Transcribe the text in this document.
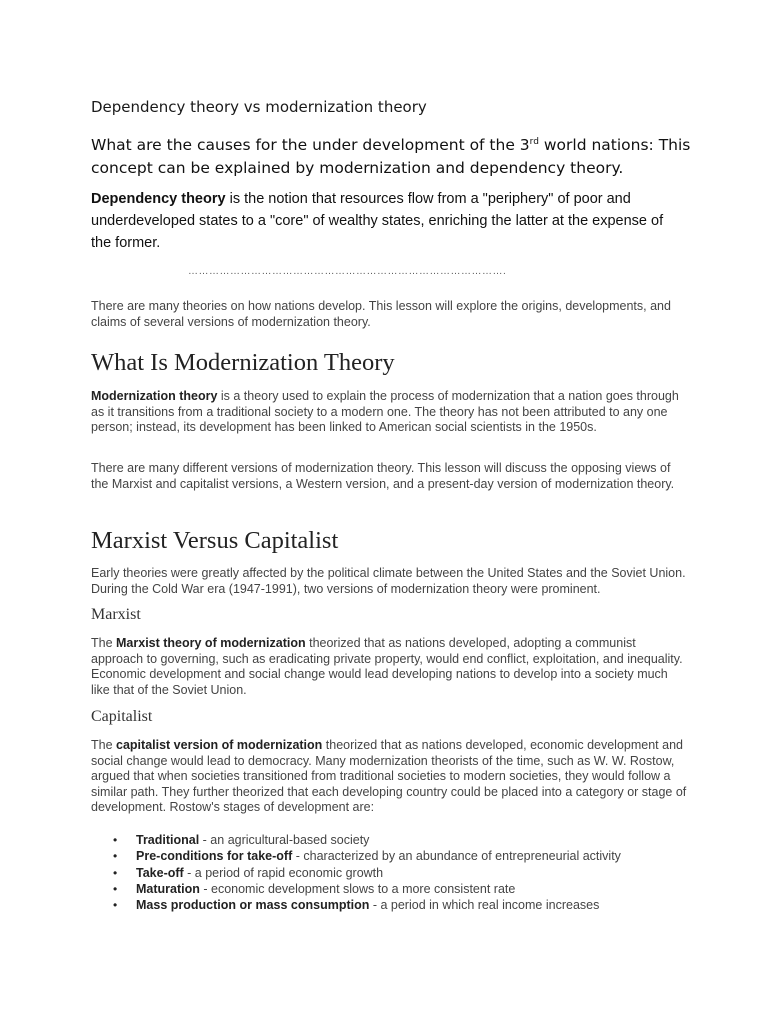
Dependency theory vs modernization theory
What are the causes for the under development of the 3rd world nations: This concept can be explained by modernization and dependency theory.
Dependency theory is the notion that resources flow from a "periphery" of poor and underdeveloped states to a "core" of wealthy states, enriching the latter at the expense of the former.
……………………………………………………………………………….
There are many theories on how nations develop. This lesson will explore the origins, developments, and claims of several versions of modernization theory.
What Is Modernization Theory
Modernization theory is a theory used to explain the process of modernization that a nation goes through as it transitions from a traditional society to a modern one. The theory has not been attributed to any one person; instead, its development has been linked to American social scientists in the 1950s.
There are many different versions of modernization theory. This lesson will discuss the opposing views of the Marxist and capitalist versions, a Western version, and a present-day version of modernization theory.
Marxist Versus Capitalist
Early theories were greatly affected by the political climate between the United States and the Soviet Union. During the Cold War era (1947-1991), two versions of modernization theory were prominent.
Marxist
The Marxist theory of modernization theorized that as nations developed, adopting a communist approach to governing, such as eradicating private property, would end conflict, exploitation, and inequality. Economic development and social change would lead developing nations to develop into a society much like that of the Soviet Union.
Capitalist
The capitalist version of modernization theorized that as nations developed, economic development and social change would lead to democracy. Many modernization theorists of the time, such as W. W. Rostow, argued that when societies transitioned from traditional societies to modern societies, they would follow a similar path. They further theorized that each developing country could be placed into a category or stage of development. Rostow's stages of development are:
• Traditional - an agricultural-based society
• Pre-conditions for take-off - characterized by an abundance of entrepreneurial activity
• Take-off - a period of rapid economic growth
• Maturation - economic development slows to a more consistent rate
• Mass production or mass consumption - a period in which real income increases
